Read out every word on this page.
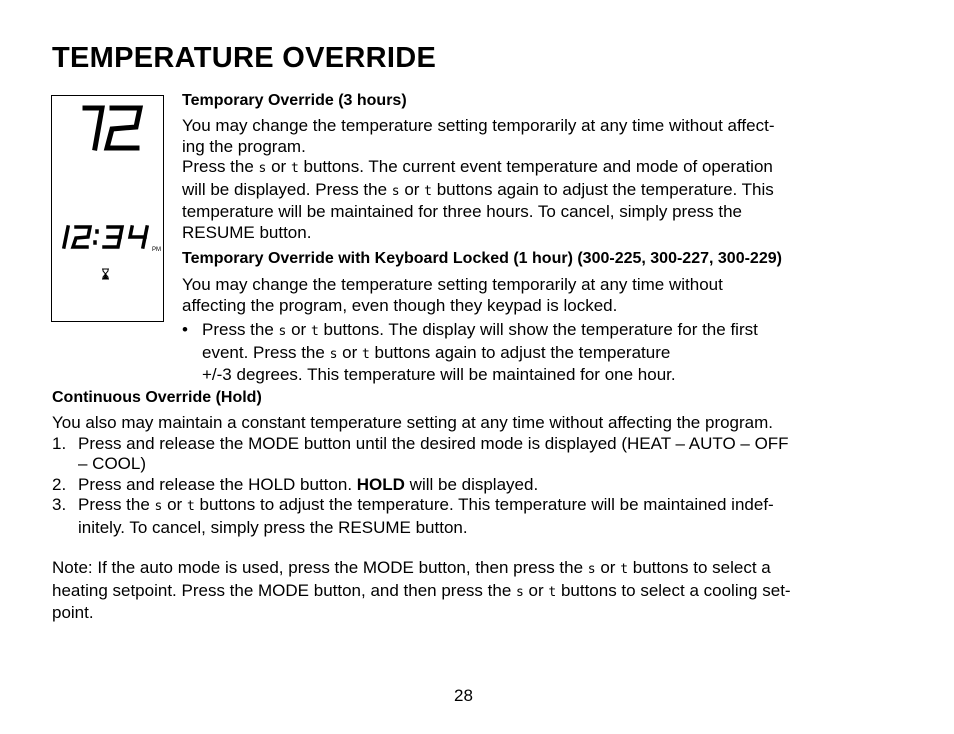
TEMPERATURE OVERRIDE
PM

Temporary Override (3 hours)

You may change the temperature setting temporarily at any time without affect-
ing the program.

Press the s or t buttons. The current event temperature and mode of operation
will be displayed. Press the s or t buttons again to adjust the temperature. This
temperature will be maintained for three hours. To cancel, simply press the
RESUME button.

Temporary Override with Keyboard Locked (1 hour) (300-225, 300-227, 300-229)

You may change the temperature setting temporarily at any time without
affecting the program, even though they keypad is locked.

• Press the s or t buttons. The display will show the temperature for the first
event. Press the s or t buttons again to adjust the temperature
+/-3 degrees. This temperature will be maintained for one hour.

Continuous Override (Hold)

You also may maintain a constant temperature setting at any time without affecting the program.

1. Press and release the MODE button until the desired mode is displayed (HEAT – AUTO – OFF
– COOL)
2. Press and release the HOLD button. HOLD will be displayed.
3. Press the s or t buttons to adjust the temperature. This temperature will be maintained indef-
initely. To cancel, simply press the RESUME button.

Note: If the auto mode is used, press the MODE button, then press the s or t buttons to select a
heating setpoint. Press the MODE button, and then press the s or t buttons to select a cooling set-
point.

28
